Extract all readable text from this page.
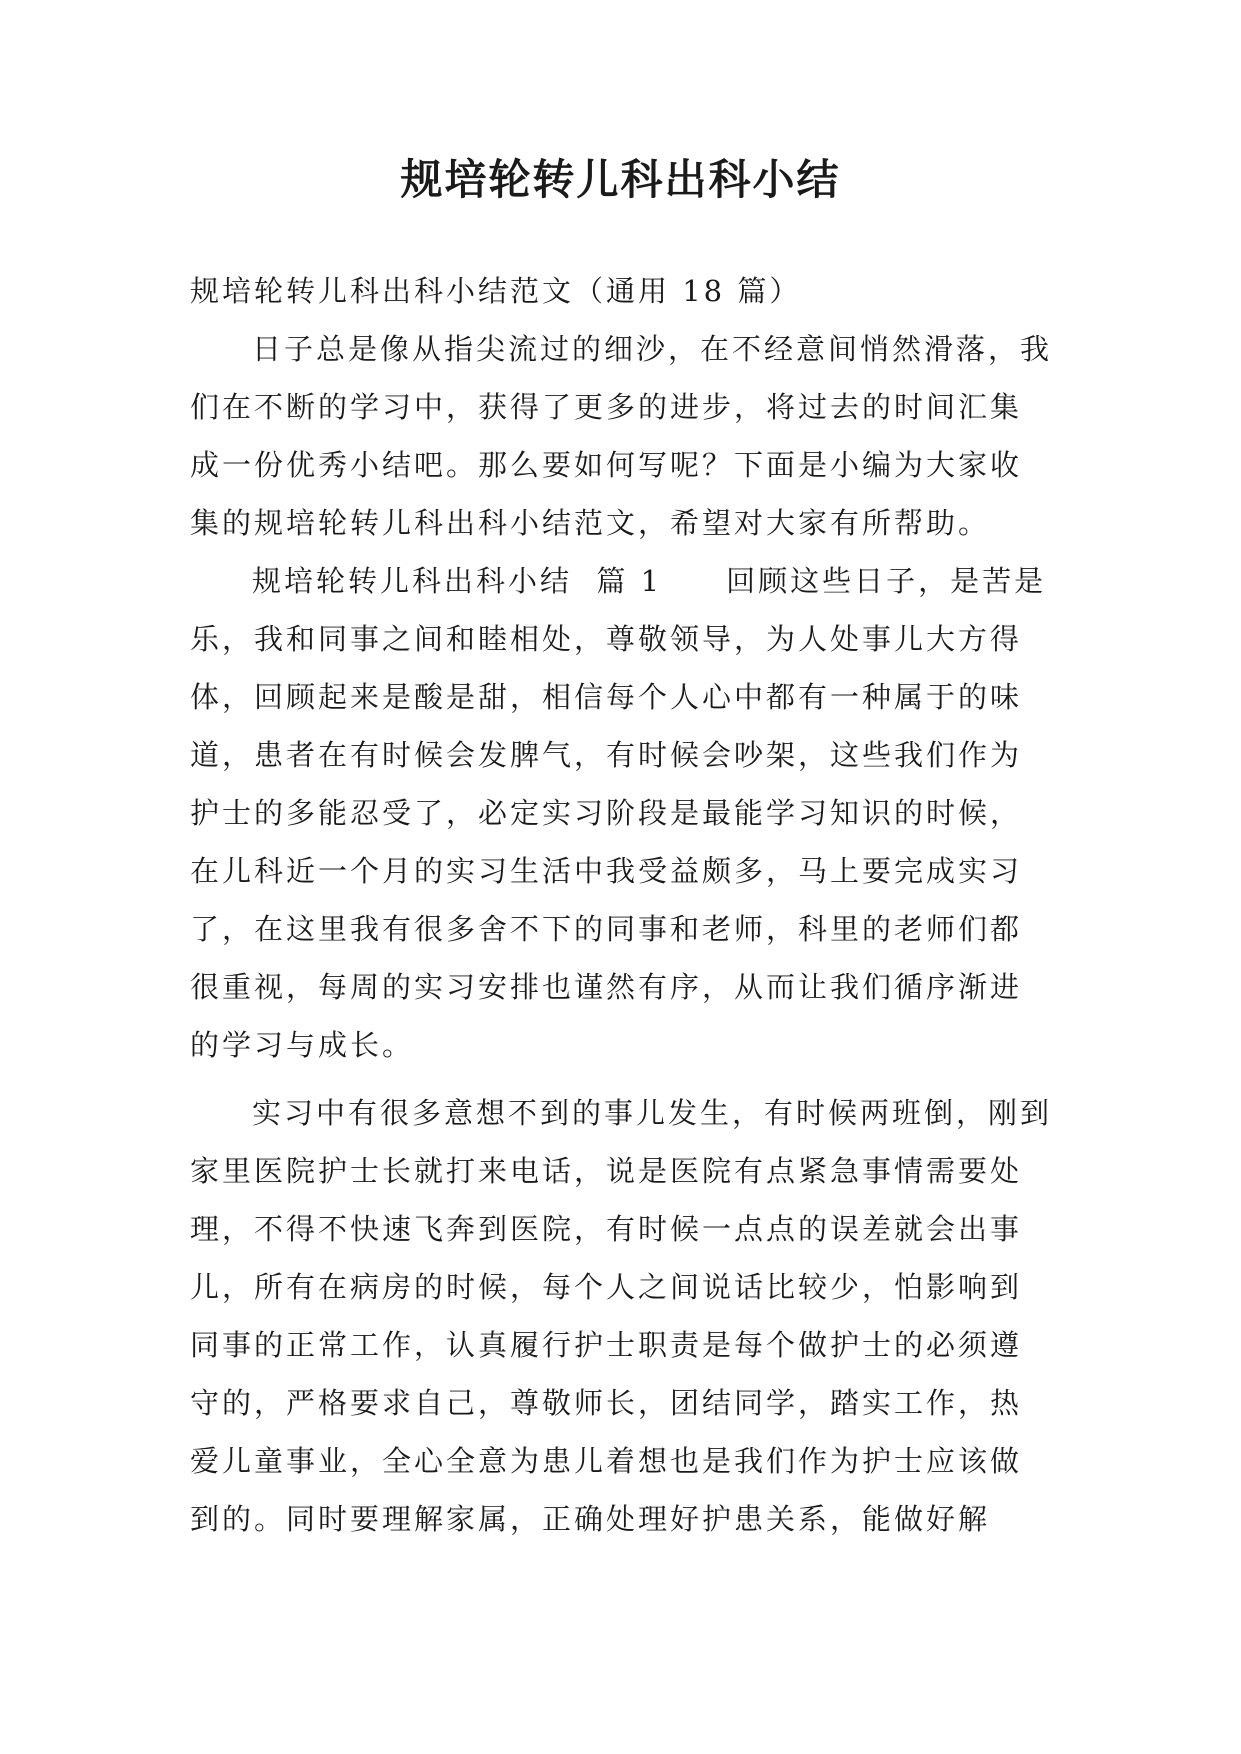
规培轮转儿科出科小结

规培轮转儿科出科小结范文（通用 18 篇）

日子总是像从指尖流过的细沙，在不经意间悄然滑落，我们在不断的学习中，获得了更多的进步，将过去的时间汇集成一份优秀小结吧。那么要如何写呢？下面是小编为大家收集的规培轮转儿科出科小结范文，希望对大家有所帮助。

规培轮转儿科出科小结  篇 1   回顾这些日子，是苦是乐，我和同事之间和睦相处，尊敬领导，为人处事儿大方得体，回顾起来是酸是甜，相信每个人心中都有一种属于的味道，患者在有时候会发脾气，有时候会吵架，这些我们作为护士的多能忍受了，必定实习阶段是最能学习知识的时候，在儿科近一个月的实习生活中我受益颇多，马上要完成实习了，在这里我有很多舍不下的同事和老师，科里的老师们都很重视，每周的实习安排也谨然有序，从而让我们循序渐进的学习与成长。

实习中有很多意想不到的事儿发生，有时候两班倒，刚到家里医院护士长就打来电话，说是医院有点紧急事情需要处理，不得不快速飞奔到医院，有时候一点点的误差就会出事儿，所有在病房的时候，每个人之间说话比较少，怕影响到同事的正常工作，认真履行护士职责是每个做护士的必须遵守的，严格要求自己，尊敬师长，团结同学，踏实工作，热爱儿童事业，全心全意为患儿着想也是我们作为护士应该做到的。同时要理解家属，正确处理好护患关系，能做好解
